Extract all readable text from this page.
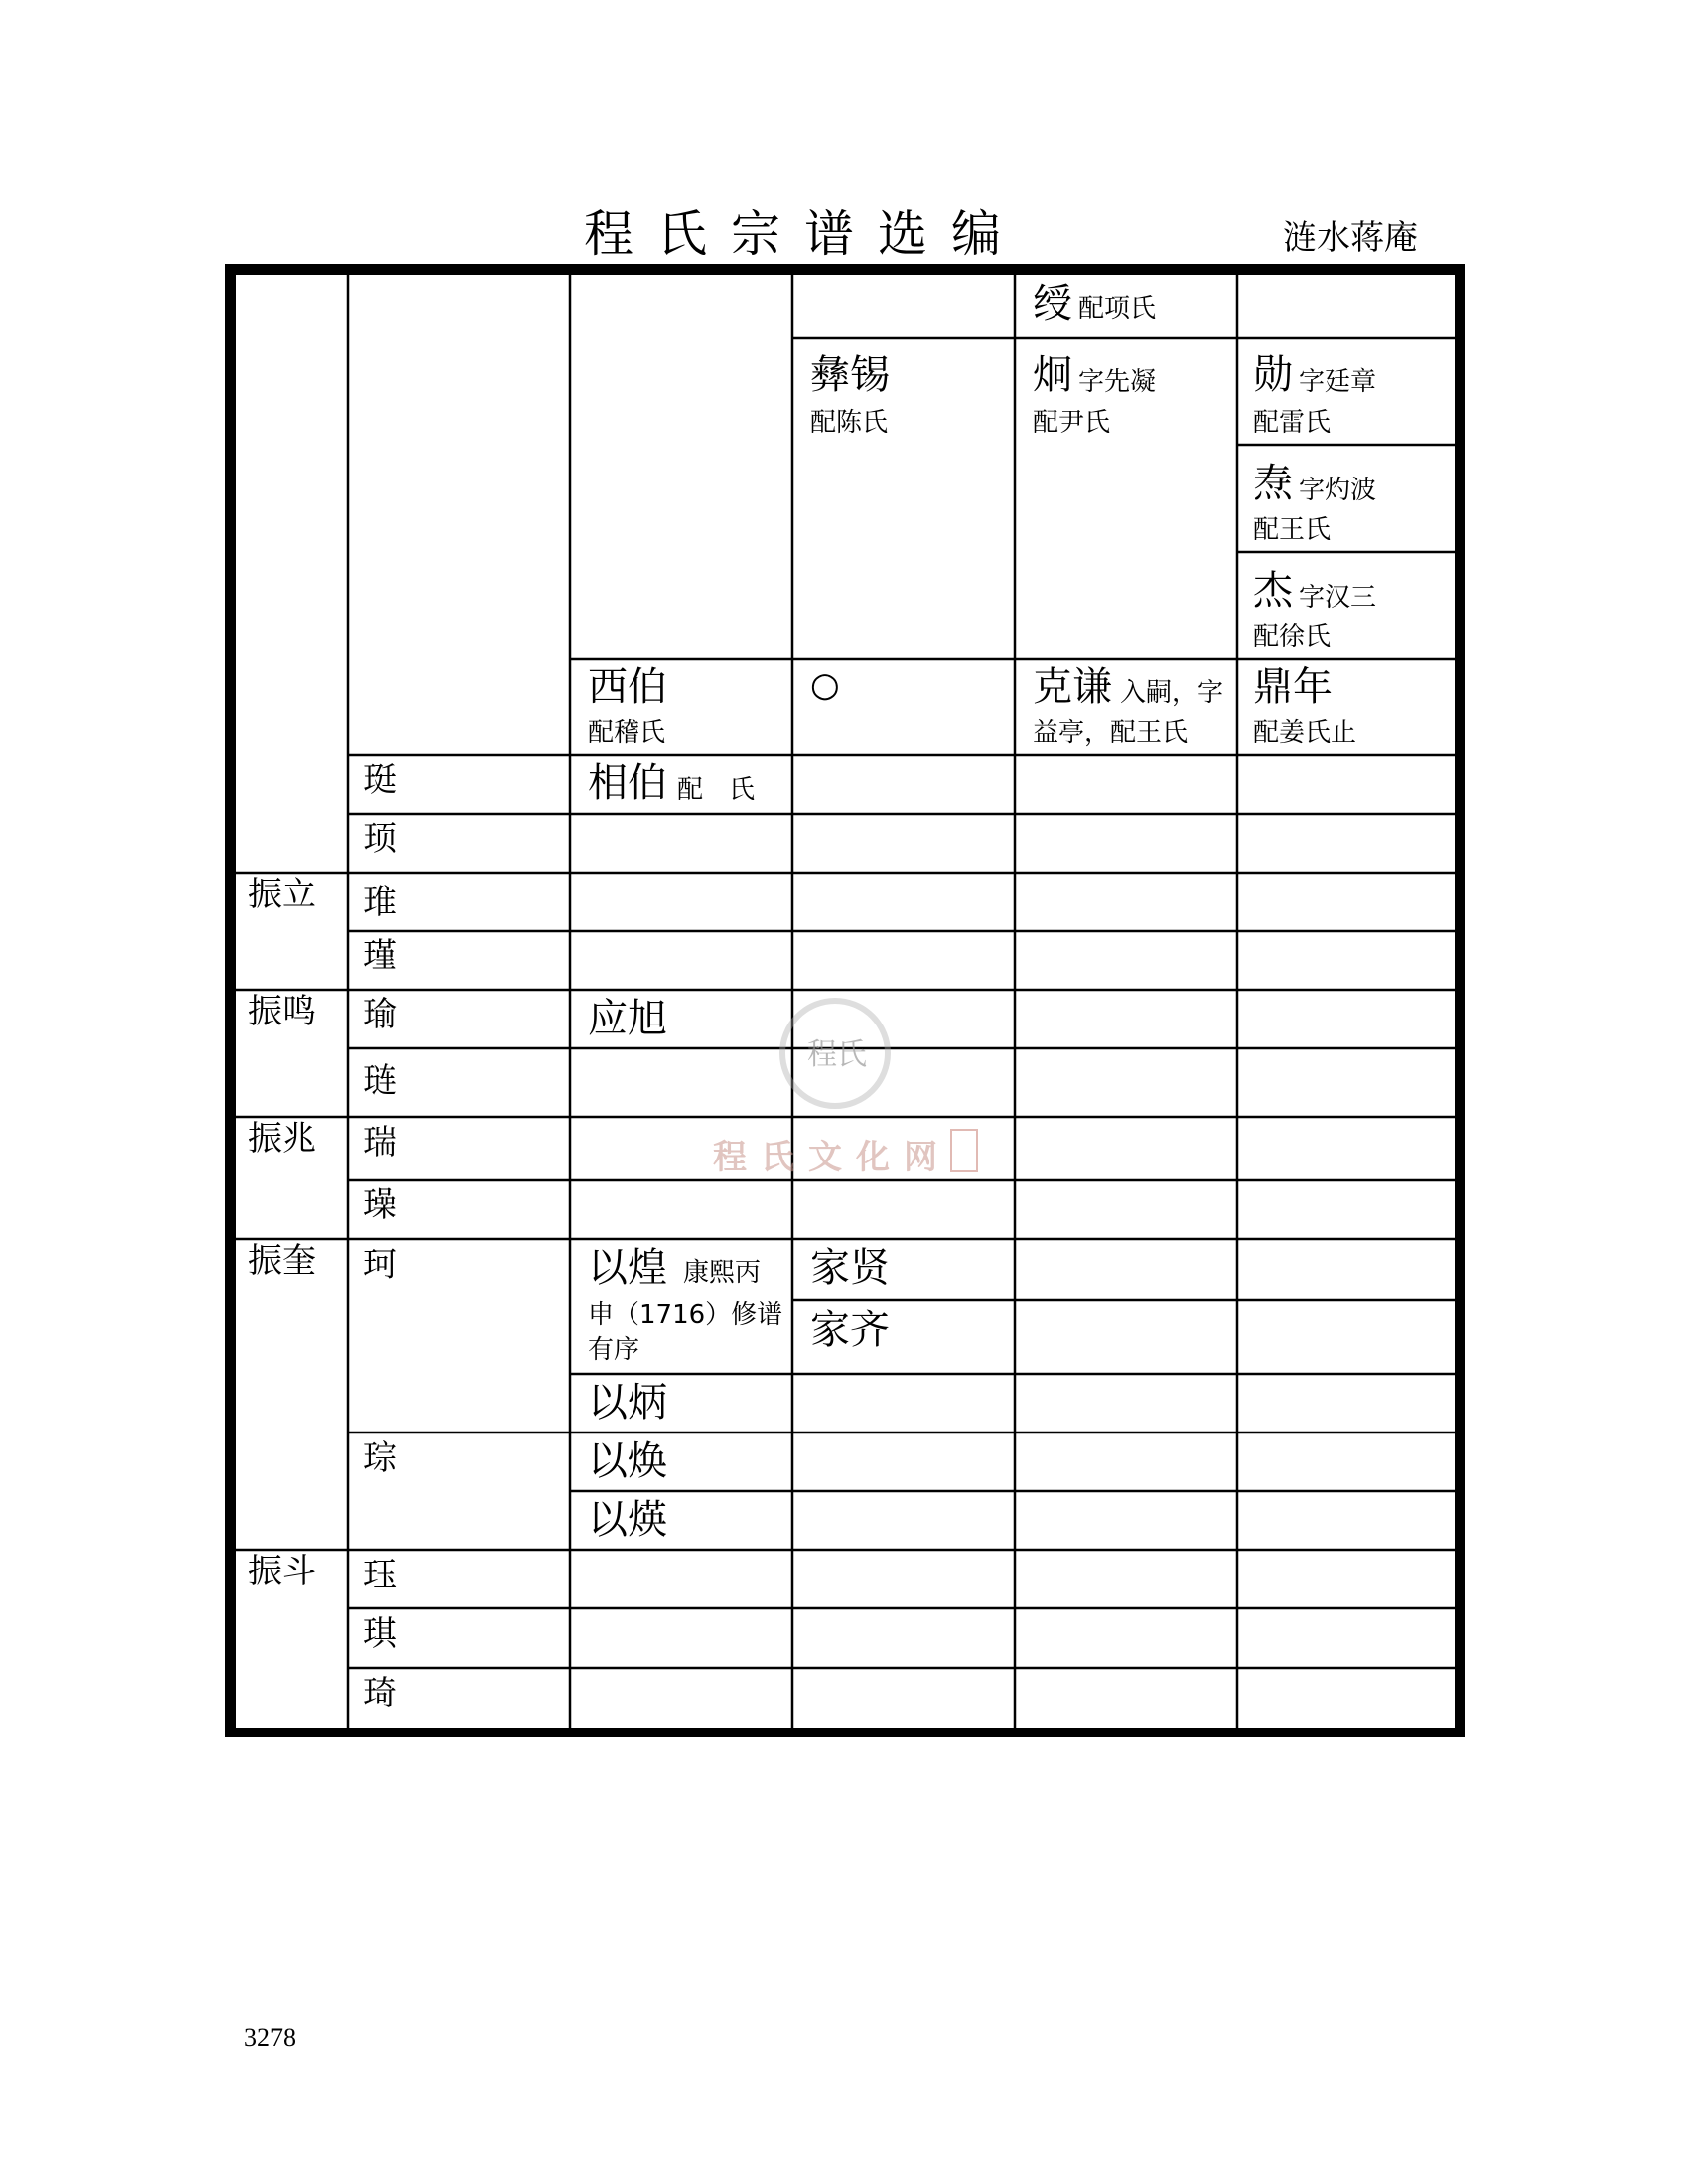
程氏宗谱选编	涟水蒋庵
程氏
程氏文化网
振立
振鸣
振兆
振奎
振斗
珽
顼
琟
瑾
瑜
琏
瑞
璪
珂
琮
珏
琪
琦
西伯
配稽氏
相伯 配　氏
应旭
以煌 康熙丙
申（1716）修谱
有序
以炳
以焕
以煐
彝锡
配陈氏
○
家贤
家齐
绶 配项氏
炯 字先凝
配尹氏
克谦 入嗣，字
益亭，配王氏
勋 字廷章
配雷氏
焘 字灼波
配王氏
杰 字汉三
配徐氏
鼎年
配姜氏止
3278
